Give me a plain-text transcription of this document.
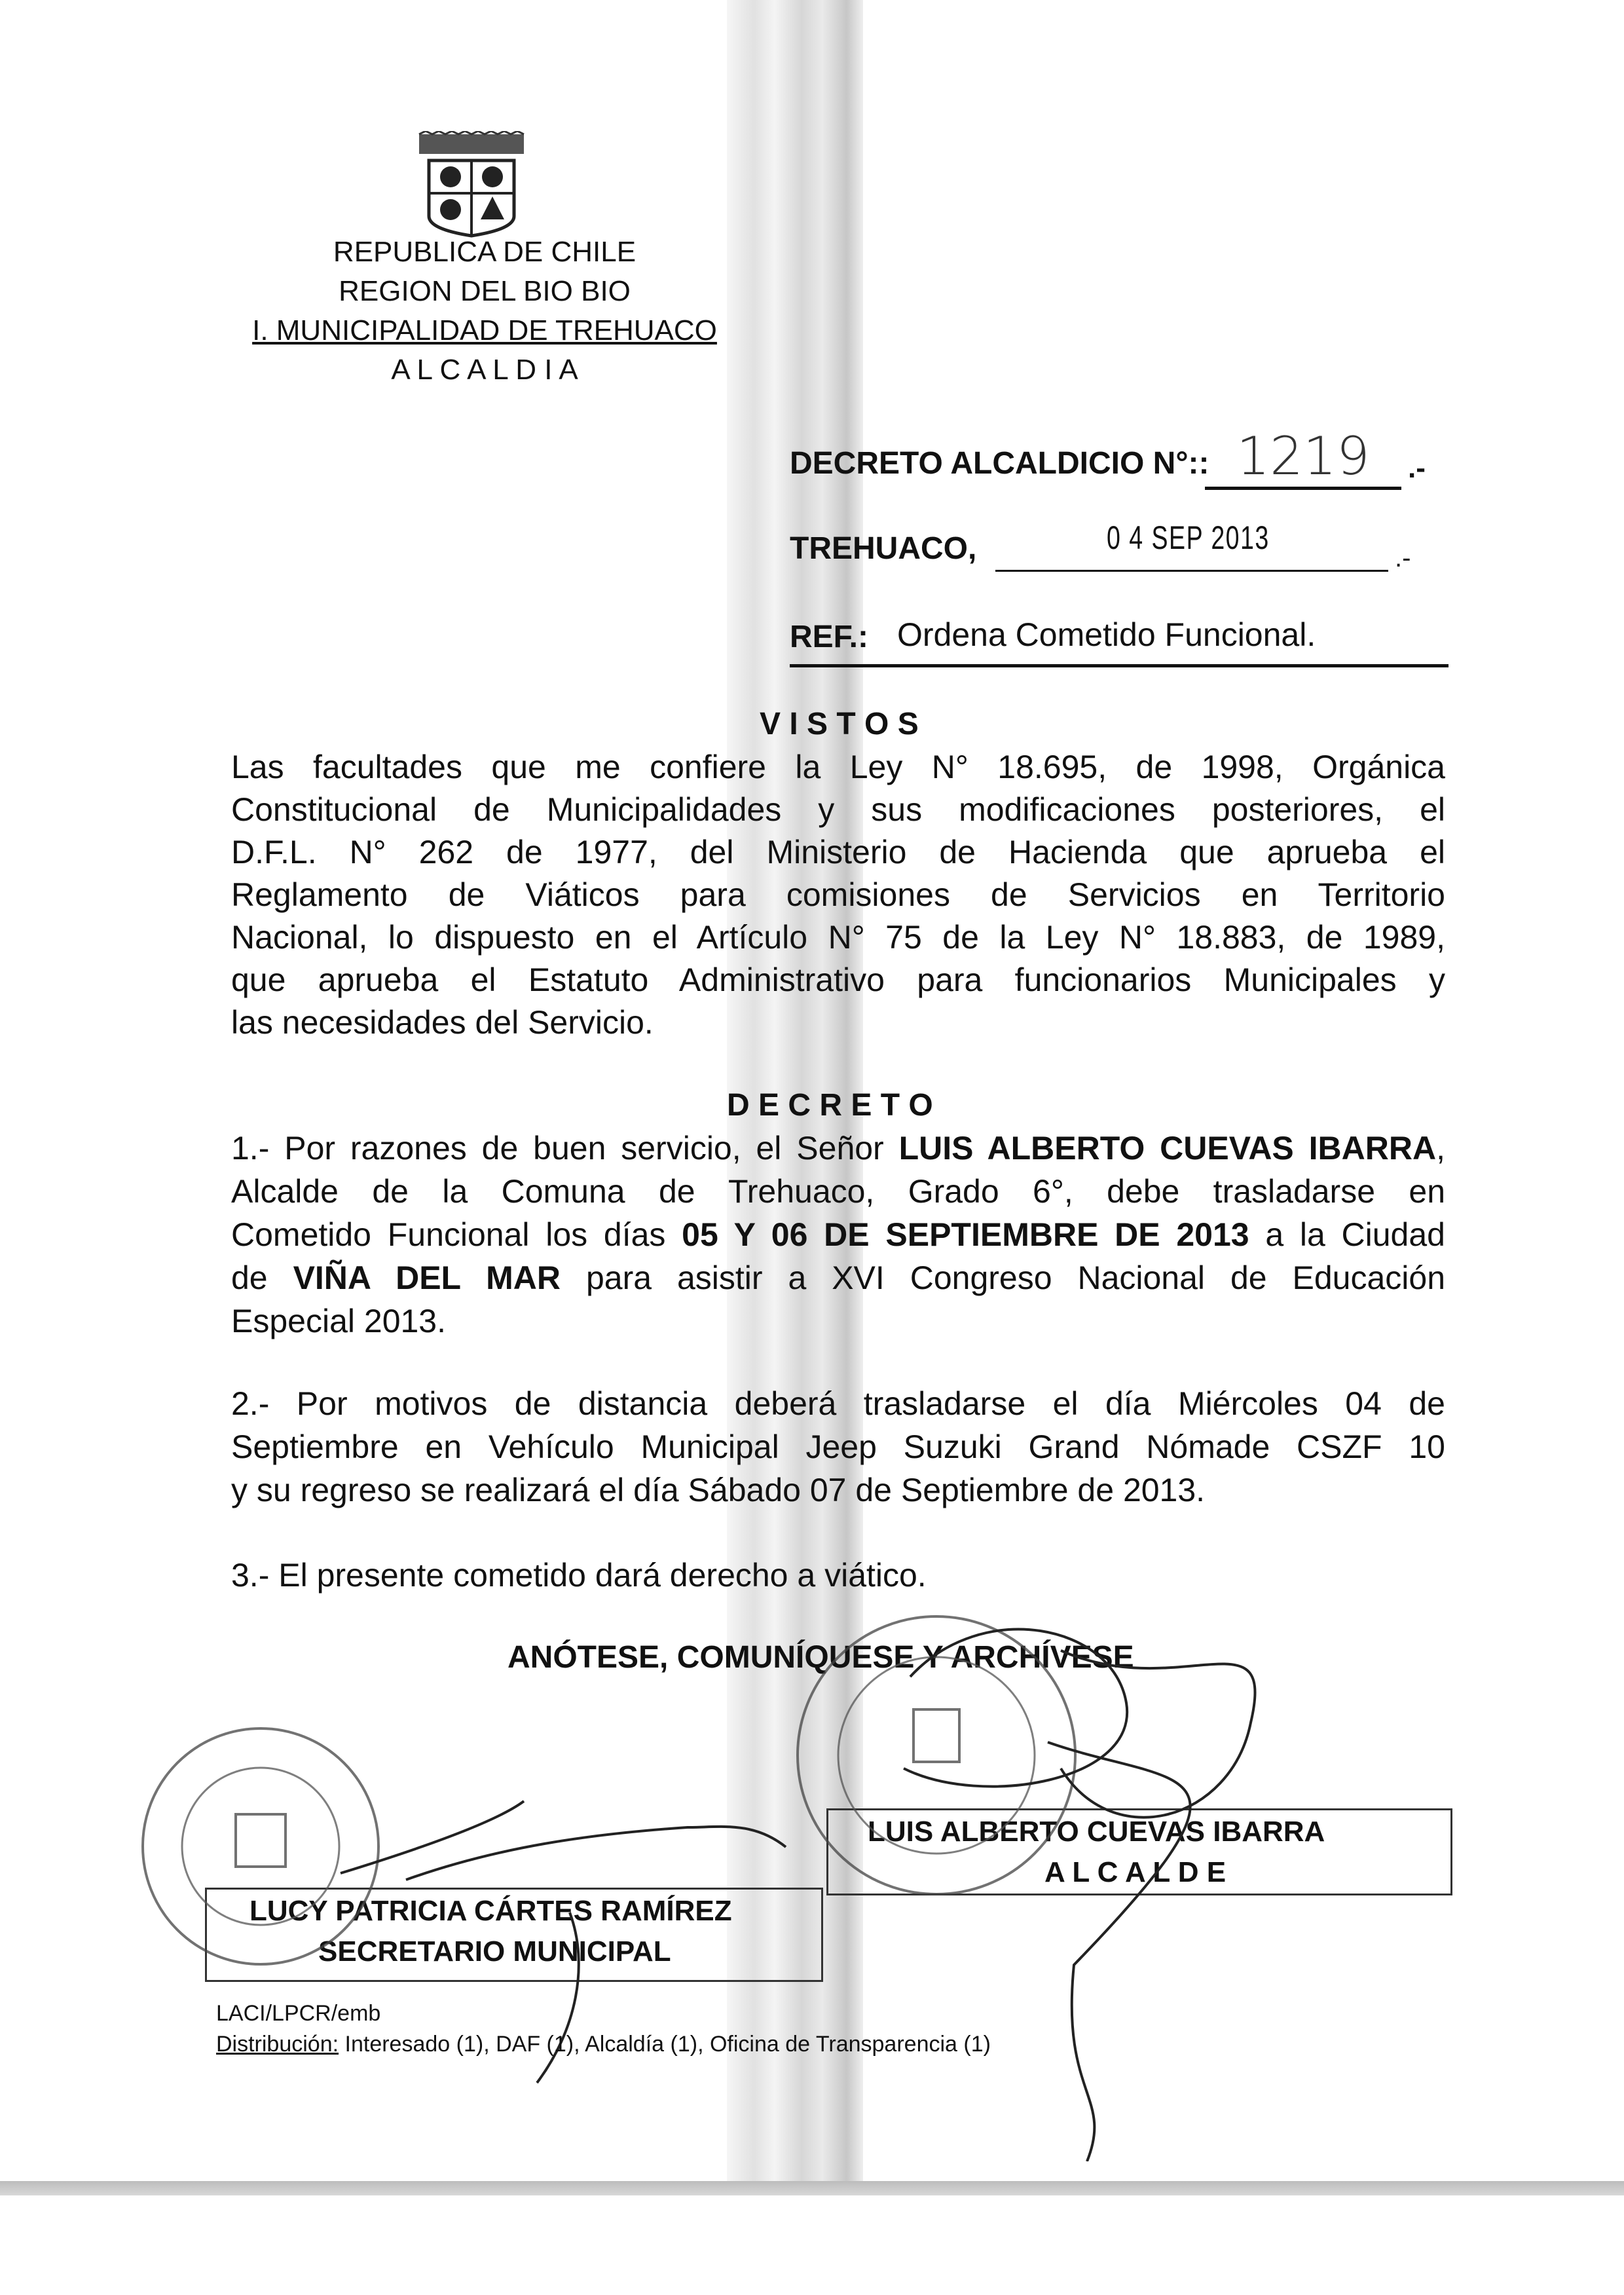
REPUBLICA DE CHILE
REGION DEL BIO BIO
I. MUNICIPALIDAD DE TREHUACO
A L C A L D I A
DECRETO ALCALDICIO N°:: 1219	.-
TREHUACO,	0 4 SEP 2013
.-
REF.: Ordena Cometido Funcional.
V I S T O S
Las facultades que me confiere la Ley N° 18.695, de 1998, Orgánica
Constitucional de Municipalidades y sus modificaciones posteriores, el
D.F.L. N° 262 de 1977, del Ministerio de Hacienda que aprueba el
Reglamento de Viáticos para comisiones de Servicios en Territorio
Nacional, lo dispuesto en el Artículo N° 75 de la Ley N° 18.883, de 1989,
que aprueba el Estatuto Administrativo para funcionarios Municipales y
las necesidades del Servicio.
D E C R E T O
1.- Por razones de buen servicio, el Señor LUIS ALBERTO CUEVAS IBARRA,
Alcalde de la Comuna de Trehuaco, Grado 6°, debe trasladarse en
Cometido Funcional los días 05 Y 06 DE SEPTIEMBRE DE 2013 a la Ciudad
de VIÑA DEL MAR para asistir a XVI Congreso Nacional de Educación
Especial 2013.
2.- Por motivos de distancia deberá trasladarse el día Miércoles 04 de
Septiembre en Vehículo Municipal Jeep Suzuki Grand Nómade CSZF 10
y su regreso se realizará el día Sábado 07 de Septiembre de 2013.
3.- El presente cometido dará derecho a viático.
ANÓTESE, COMUNÍQUESE Y ARCHÍVESE
LUIS ALBERTO CUEVAS IBARRA
A L C A L D E
LUCY PATRICIA CÁRTES RAMÍREZ
SECRETARIO MUNICIPAL
LACI/LPCR/emb
Distribución: Interesado (1), DAF (1), Alcaldía (1), Oficina de Transparencia (1)
